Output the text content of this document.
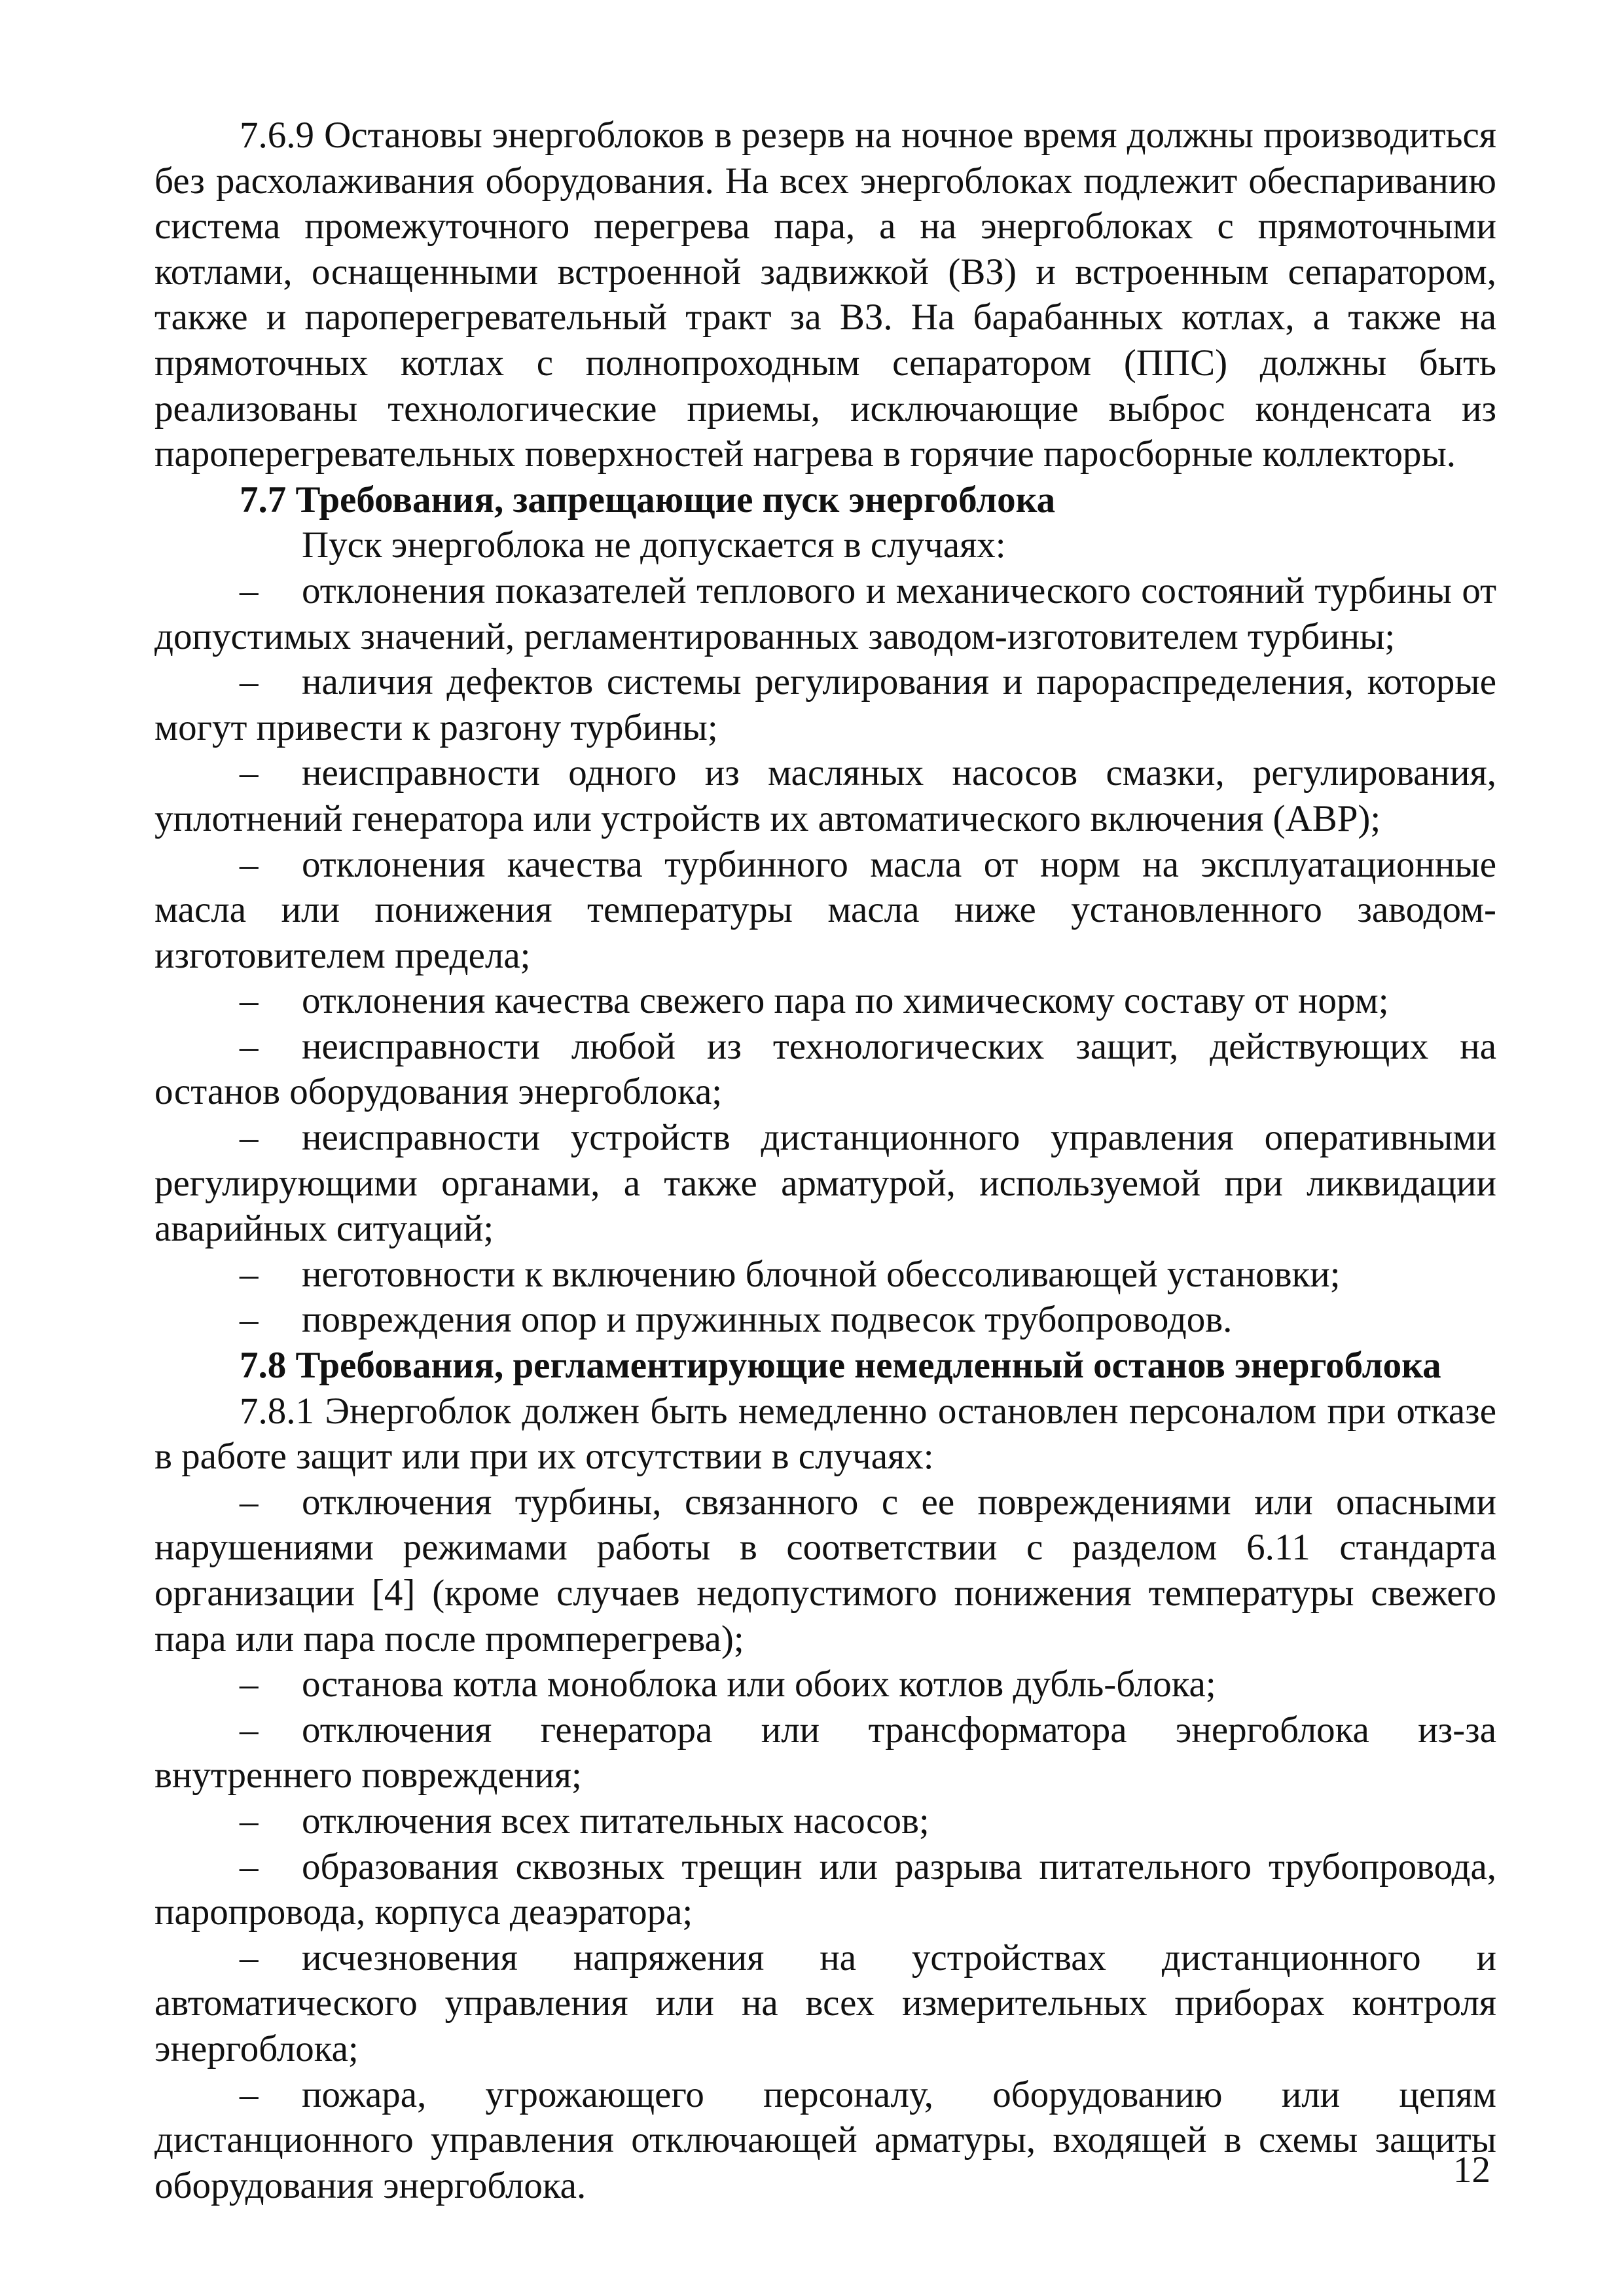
7.6.9 Остановы энергоблоков в резерв на ночное время должны производиться без расхолаживания оборудования. На всех энергоблоках подлежит обеспариванию система промежуточного перегрева пара, а на энергоблоках с прямоточными котлами, оснащенными встроенной задвижкой (ВЗ) и встроенным сепаратором, также и пароперегревательный тракт за ВЗ. На барабанных котлах, а также на прямоточных котлах с полнопроходным сепаратором (ППС) должны быть реализованы технологические приемы, исключающие выброс конденсата из пароперегревательных поверхностей нагрева в горячие паросборные коллекторы.

7.7 Требования, запрещающие пуск энергоблока

Пуск энергоблока не допускается в случаях:

– отклонения показателей теплового и механического состояний турбины от допустимых значений, регламентированных заводом-изготовителем турбины;

– наличия дефектов системы регулирования и парораспределения, которые могут привести к разгону турбины;

– неисправности одного из масляных насосов смазки, регулирования, уплотнений генератора или устройств их автоматического включения (АВР);

– отклонения качества турбинного масла от норм на эксплуатационные масла или понижения температуры масла ниже установленного заводом-изготовителем предела;

– отклонения качества свежего пара по химическому составу от норм;

– неисправности любой из технологических защит, действующих на останов оборудования энергоблока;

– неисправности устройств дистанционного управления оперативными регулирующими органами, а также арматурой, используемой при ликвидации аварийных ситуаций;

– неготовности к включению блочной обессоливающей установки;

– повреждения опор и пружинных подвесок трубопроводов.

7.8 Требования, регламентирующие немедленный останов энергоблока

7.8.1 Энергоблок должен быть немедленно остановлен персоналом при отказе в работе защит или при их отсутствии в случаях:

– отключения турбины, связанного с ее повреждениями или опасными нарушениями режимами работы в соответствии с разделом 6.11 стандарта организации [4] (кроме случаев недопустимого понижения температуры свежего пара или пара после промперегрева);

– останова котла моноблока или обоих котлов дубль-блока;

– отключения генератора или трансформатора энергоблока из-за внутреннего повреждения;

– отключения всех питательных насосов;

– образования сквозных трещин или разрыва питательного трубопровода, паропровода, корпуса деаэратора;

– исчезновения напряжения на устройствах дистанционного и автоматического управления или на всех измерительных приборах контроля энергоблока;

– пожара, угрожающего персоналу, оборудованию или цепям дистанционного управления отключающей арматуры, входящей в схемы защиты оборудования энергоблока.	12
